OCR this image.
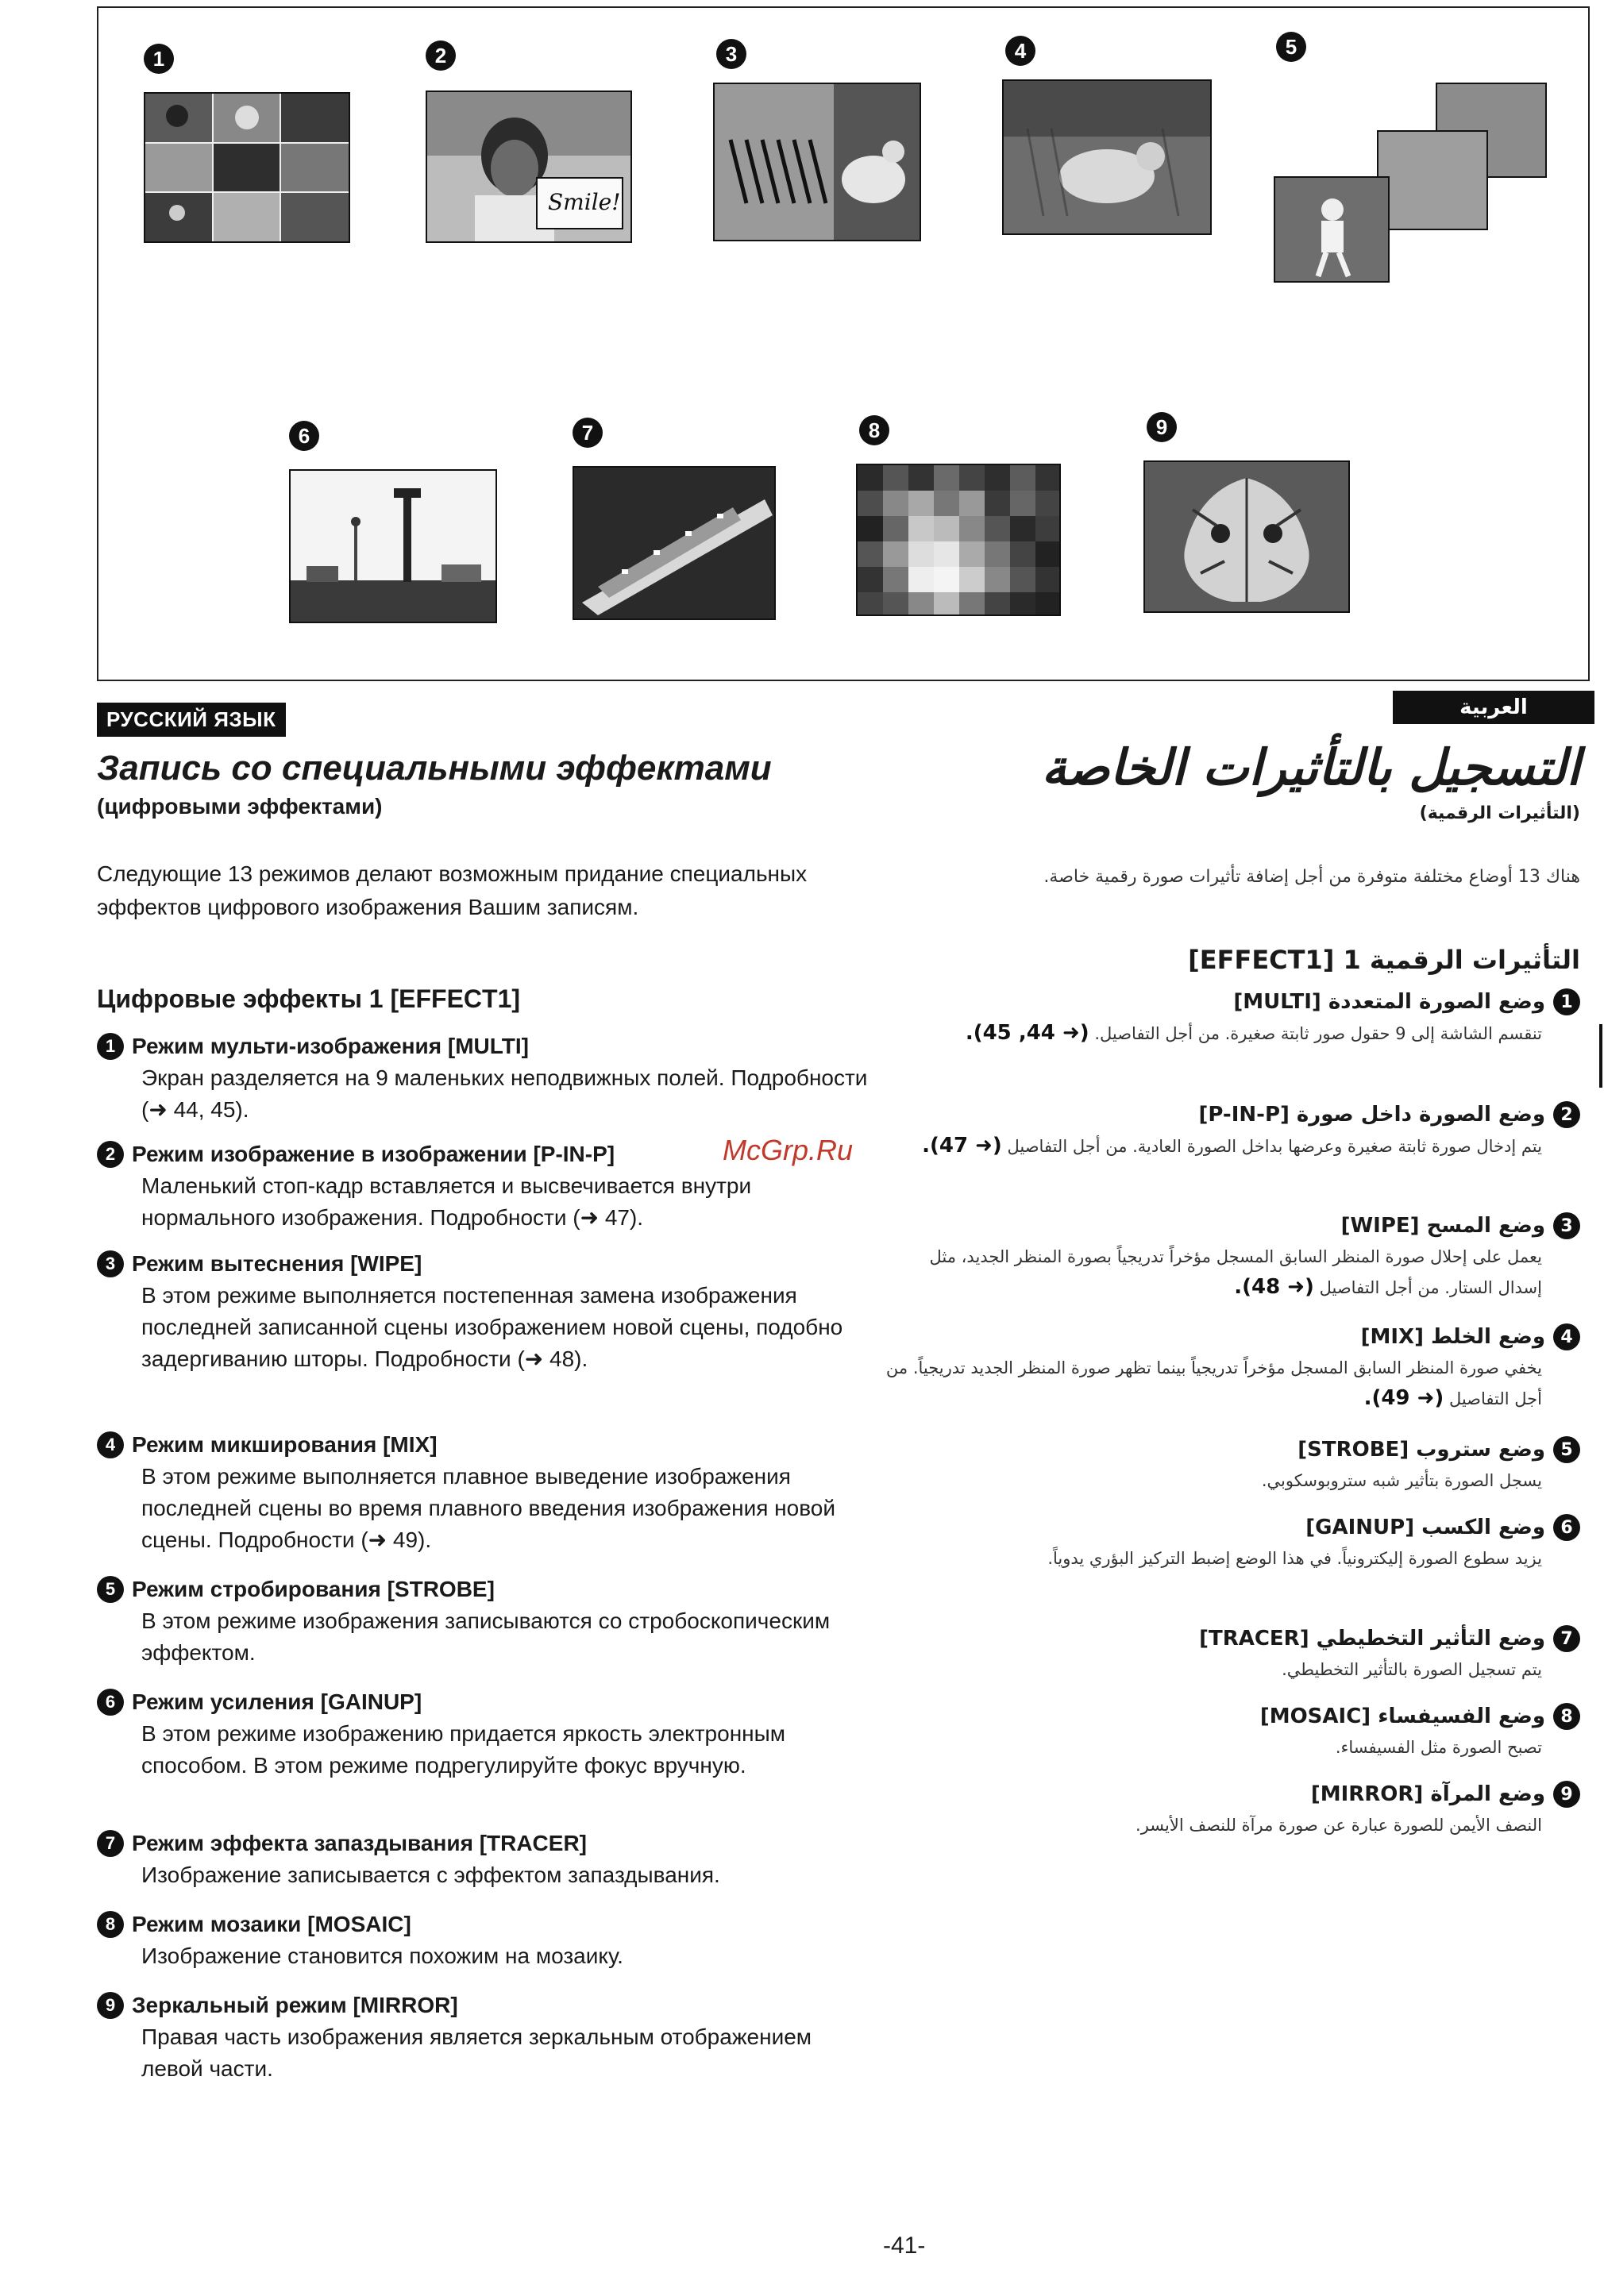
1	2	3	4	5
6	7	8	9
Smile!
РУССКИЙ ЯЗЫК
Запись со специальными эффектами
(цифровыми эффектами)
Следующие 13 режимов делают возможным придание специальных эффектов цифрового изображения Вашим записям.
Цифровые эффекты 1 [EFFECT1]
1 Режим мульти-изображения [MULTI]
Экран разделяется на 9 маленьких неподвижных полей. Подробности (➜ 44, 45).
2 Режим изображение в изображении [P-IN-P]
Маленький стоп-кадр вставляется и высвечивается внутри нормального изображения. Подробности (➜ 47).
3 Режим вытеснения [WIPE]
В этом режиме выполняется постепенная замена изображения последней записанной сцены изображением новой сцены, подобно задергиванию шторы. Подробности (➜ 48).
4 Режим микширования [MIX]
В этом режиме выполняется плавное выведение изображения последней сцены во время плавного введения изображения новой сцены. Подробности (➜ 49).
5 Режим стробирования [STROBE]
В этом режиме изображения записываются со стробоскопическим эффектом.
6 Режим усиления [GAINUP]
В этом режиме изображению придается яркость электронным способом. В этом режиме подрегулируйте фокус вручную.
7 Режим эффекта запаздывания [TRACER]
Изображение записывается с эффектом запаздывания.
8 Режим мозаики [MOSAIC]
Изображение становится похожим на мозаику.
9 Зеркальный режим [MIRROR]
Правая часть изображения является зеркальным отображением левой части.
العربية
التسجيل بالتأثيرات الخاصة
(التأثيرات الرقمية)
هناك 13 أوضاع مختلفة متوفرة من أجل إضافة تأثيرات صورة رقمية خاصة.
التأثيرات الرقمية 1 [EFFECT1]
1
وضع الصورة المتعددة [MULTI]
تنقسم الشاشة إلى 9 حقول صور ثابتة صغيرة. من أجل التفاصيل. (➜ 44, 45).
2
وضع الصورة داخل صورة [P-IN-P]
يتم إدخال صورة ثابتة صغيرة وعرضها بداخل الصورة العادية. من أجل التفاصيل (➜ 47).
3
وضع المسح [WIPE]
يعمل على إحلال صورة المنظر السابق المسجل مؤخراً تدريجياً بصورة المنظر الجديد، مثل إسدال الستار. من أجل التفاصيل (➜ 48).
4
وضع الخلط [MIX]
يخفي صورة المنظر السابق المسجل مؤخراً تدريجياً بينما تظهر صورة المنظر الجديد تدريجياً. من أجل التفاصيل (➜ 49).
5
وضع ستروب [STROBE]
يسجل الصورة بتأثير شبه ستروبوسكوبي.
6
وضع الكسب [GAINUP]
يزيد سطوع الصورة إليكترونياً. في هذا الوضع إضبط التركيز البؤري يدوياً.
7
وضع التأثير التخطيطي [TRACER]
يتم تسجيل الصورة بالتأثير التخطيطي.
8
وضع الفسيفساء [MOSAIC]
تصبح الصورة مثل الفسيفساء.
9
وضع المرآة [MIRROR]
النصف الأيمن للصورة عبارة عن صورة مرآة للنصف الأيسر.
McGrp.Ru
-41-
